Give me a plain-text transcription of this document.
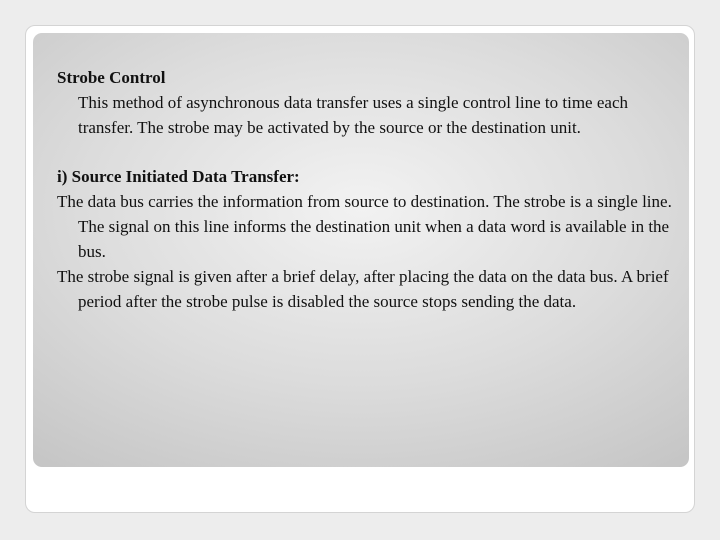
Strobe Control

This method of asynchronous data transfer uses a single control line to time each transfer. The strobe may be activated by the source or the destination unit.

i) Source Initiated Data Transfer:

The data bus carries the information from source to destination. The strobe is a single line. The signal on this line informs the destination unit when a data word is available in the bus.

The strobe signal is given after a brief delay, after placing the data on the data bus. A brief period after the strobe pulse is disabled the source stops sending the data.
